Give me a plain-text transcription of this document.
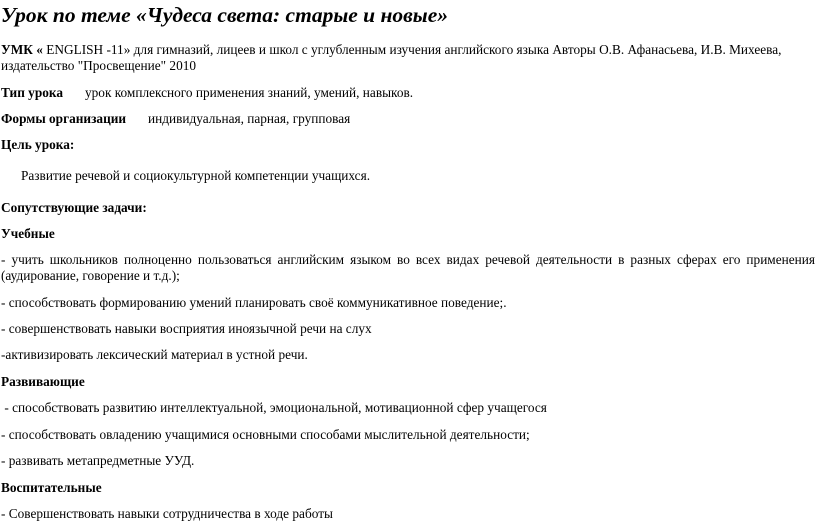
Урок по теме «Чудеса света: старые и новые»
УМК « ENGLISH -11» для гимназий, лицеев и школ с углубленным изучения английского языка Авторы О.В. Афанасьева, И.В. Михеева,
издательство "Просвещение" 2010
Тип урока урок комплексного применения знаний, умений, навыков.
Формы организации индивидуальная, парная, групповая
Цель урока:
Развитие речевой и социокультурной компетенции учащихся.
Сопутствующие задачи:
Учебные
- учить школьников полноценно пользоваться английским языком во всех видах речевой деятельности в разных сферах его применения
(аудирование, говорение и т.д.);
- способствовать формированию умений планировать своё коммуникативное поведение;.
- совершенствовать навыки восприятия иноязычной речи на слух
-активизировать лексический материал в устной речи.
Развивающие
- способствовать развитию интеллектуальной, эмоциональной, мотивационной сфер учащегося
- способствовать овладению учащимися основными способами мыслительной деятельности;
- развивать метапредметные УУД.
Воспитательные
- Совершенствовать навыки сотрудничества в ходе работы
